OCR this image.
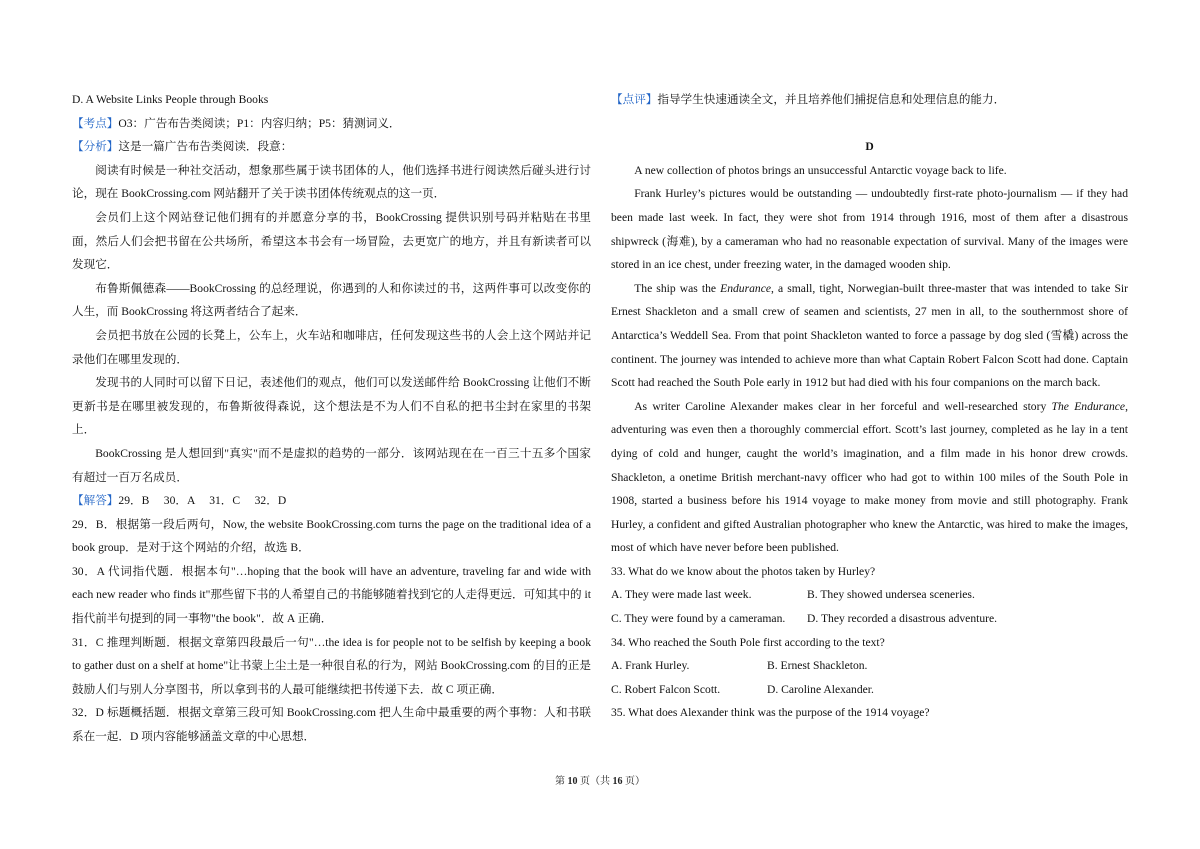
D. A Website Links People through Books

【考点】O3：广告布告类阅读；P1：内容归纳；P5：猜测词义．

【分析】这是一篇广告布告类阅读．段意：

阅读有时候是一种社交活动，想象那些属于读书团体的人，他们选择书进行阅读然后碰头进行讨论，现在 BookCrossing.com 网站翻开了关于读书团体传统观点的这一页．

会员们上这个网站登记他们拥有的并愿意分享的书，BookCrossing 提供识别号码并粘贴在书里面，然后人们会把书留在公共场所，希望这本书会有一场冒险，去更宽广的地方，并且有新读者可以发现它．

布鲁斯佩德森——BookCrossing 的总经理说，你遇到的人和你读过的书，这两件事可以改变你的人生，而 BookCrossing 将这两者结合了起来．

会员把书放在公园的长凳上，公车上，火车站和咖啡店，任何发现这些书的人会上这个网站并记录他们在哪里发现的．

发现书的人同时可以留下日记，表述他们的观点，他们可以发送邮件给 BookCrossing 让他们不断更新书是在哪里被发现的，布鲁斯彼得森说，这个想法是不为人们不自私的把书尘封在家里的书架上．

BookCrossing 是人想回到"真实"而不是虚拟的趋势的一部分．该网站现在在一百三十五多个国家有超过一百万名成员．

【解答】29．B　 30．A　 31．C　 32．D

29．B．根据第一段后两句，Now, the website BookCrossing.com turns the page on the traditional idea of a book group．是对于这个网站的介绍，故选 B．

30．A 代词指代题．根据本句"…hoping that the book will have an adventure, traveling far and wide with each new reader who finds it"那些留下书的人希望自己的书能够随着找到它的人走得更远．可知其中的 it 指代前半句提到的同一事物"the book"．故 A 正确．

31．C 推理判断题．根据文章第四段最后一句"…the idea is for people not to be selfish by keeping a book to gather dust on a shelf at home"让书蒙上尘土是一种很自私的行为，网站 BookCrossing.com 的目的正是鼓励人们与别人分享图书，所以拿到书的人最可能继续把书传递下去．故 C 项正确．

32．D 标题概括题．根据文章第三段可知 BookCrossing.com 把人生命中最重要的两个事物：人和书联系在一起．D 项内容能够涵盖文章的中心思想．

【点评】指导学生快速通读全文，并且培养他们捕捉信息和处理信息的能力．

D

A new collection of photos brings an unsuccessful Antarctic voyage back to life.

Frank Hurley’s pictures would be outstanding — undoubtedly first-rate photo-journalism — if they had been made last week. In fact, they were shot from 1914 through 1916, most of them after a disastrous shipwreck (海难), by a cameraman who had no reasonable expectation of survival. Many of the images were stored in an ice chest, under freezing water, in the damaged wooden ship.

The ship was the Endurance, a small, tight, Norwegian-built three-master that was intended to take Sir Ernest Shackleton and a small crew of seamen and scientists, 27 men in all, to the southernmost shore of Antarctica’s Weddell Sea. From that point Shackleton wanted to force a passage by dog sled (雪橇) across the continent. The journey was intended to achieve more than what Captain Robert Falcon Scott had done. Captain Scott had reached the South Pole early in 1912 but had died with his four companions on the march back.

As writer Caroline Alexander makes clear in her forceful and well-researched story The Endurance, adventuring was even then a thoroughly commercial effort. Scott’s last journey, completed as he lay in a tent dying of cold and hunger, caught the world’s imagination, and a film made in his honor drew crowds. Shackleton, a onetime British merchant-navy officer who had got to within 100 miles of the South Pole in 1908, started a business before his 1914 voyage to make money from movie and still photography. Frank Hurley, a confident and gifted Australian photographer who knew the Antarctic, was hired to make the images, most of which have never before been published.

33. What do we know about the photos taken by Hurley?

A. They were made last week.	B. They showed undersea sceneries.
C. They were found by a cameraman.	D. They recorded a disastrous adventure.

34. Who reached the South Pole first according to the text?

A. Frank Hurley.	B. Ernest Shackleton.
C. Robert Falcon Scott.	D. Caroline Alexander.

35. What does Alexander think was the purpose of the 1914 voyage?

第 10 页（共 16 页）
